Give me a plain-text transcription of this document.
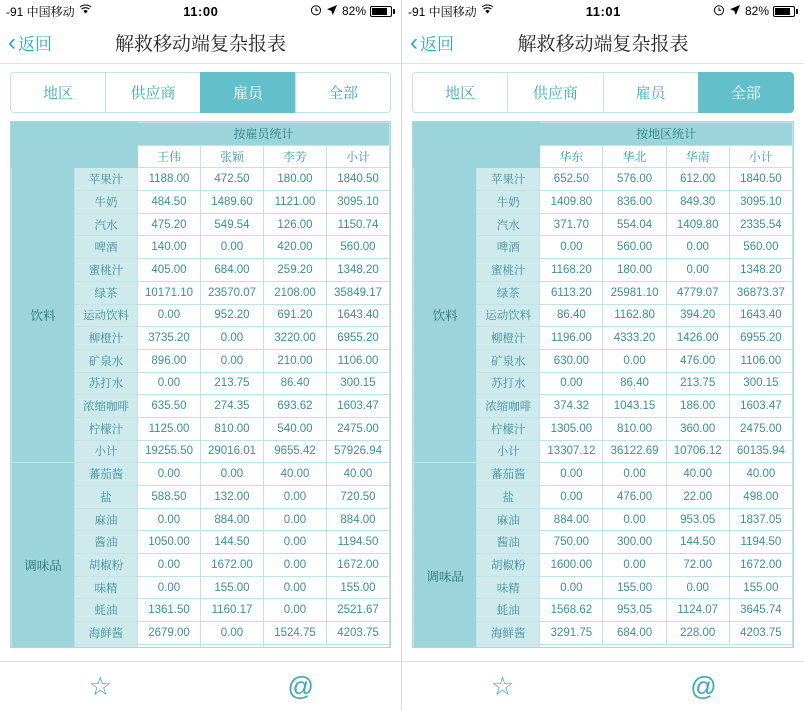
-91 中国移动	11:00	82%
‹ 返回	解救移动端复杂报表
地区	供应商	雇员	全部
		按雇员统计			
		王伟	张颖	李芳	小计
饮料	苹果汁	1188.00	472.50	180.00	1840.50
	牛奶	484.50	1489.60	1121.00	3095.10
	汽水	475.20	549.54	126.00	1150.74
	啤酒	140.00	0.00	420.00	560.00
	蜜桃汁	405.00	684.00	259.20	1348.20
	绿茶	10171.10	23570.07	2108.00	35849.17
	运动饮料	0.00	952.20	691.20	1643.40
	柳橙汁	3735.20	0.00	3220.00	6955.20
	矿泉水	896.00	0.00	210.00	1106.00
	苏打水	0.00	213.75	86.40	300.15
	浓缩咖啡	635.50	274.35	693.62	1603.47
	柠檬汁	1125.00	810.00	540.00	2475.00
	小计	19255.50	29016.01	9655.42	57926.94
调味品	蕃茄酱	0.00	0.00	40.00	40.00
	盐	588.50	132.00	0.00	720.50
	麻油	0.00	884.00	0.00	884.00
	酱油	1050.00	144.50	0.00	1194.50
	胡椒粉	0.00	1672.00	0.00	1672.00
	味精	0.00	155.00	0.00	155.00
	蚝油	1361.50	1160.17	0.00	2521.67
	海鲜酱	2679.00	0.00	1524.75	4203.75

☆	@
-91 中国移动	11:01	82%
‹ 返回	解救移动端复杂报表
地区	供应商	雇员	全部
		按地区统计			
		华东	华北	华南	小计
饮料	苹果汁	652.50	576.00	612.00	1840.50
	牛奶	1409.80	836.00	849.30	3095.10
	汽水	371.70	554.04	1409.80	2335.54
	啤酒	0.00	560.00	0.00	560.00
	蜜桃汁	1168.20	180.00	0.00	1348.20
	绿茶	6113.20	25981.10	4779.07	36873.37
	运动饮料	86.40	1162.80	394.20	1643.40
	柳橙汁	1196.00	4333.20	1426.00	6955.20
	矿泉水	630.00	0.00	476.00	1106.00
	苏打水	0.00	86.40	213.75	300.15
	浓缩咖啡	374.32	1043.15	186.00	1603.47
	柠檬汁	1305.00	810.00	360.00	2475.00
	小计	13307.12	36122.69	10706.12	60135.94
调味品	蕃茄酱	0.00	0.00	40.00	40.00
	盐	0.00	476.00	22.00	498.00
	麻油	884.00	0.00	953.05	1837.05
	酱油	750.00	300.00	144.50	1194.50
	胡椒粉	1600.00	0.00	72.00	1672.00
	味精	0.00	155.00	0.00	155.00
	蚝油	1568.62	953.05	1124.07	3645.74
	海鲜酱	3291.75	684.00	228.00	4203.75

☆	@
